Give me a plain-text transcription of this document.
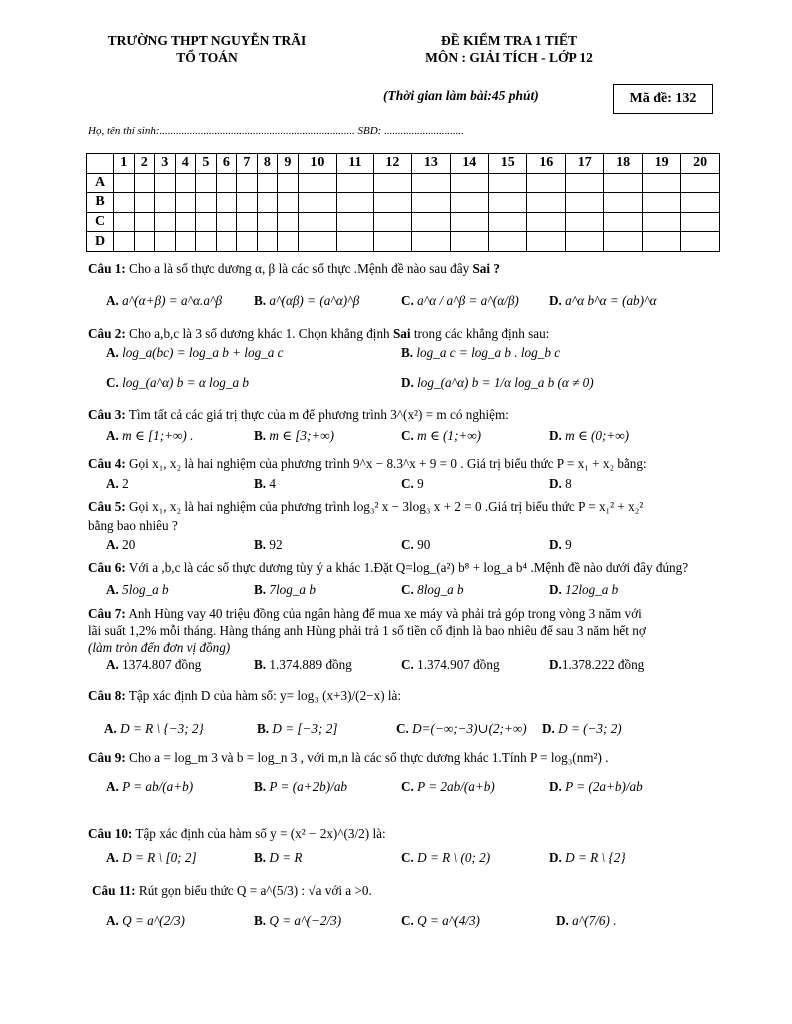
TRƯỜNG THPT NGUYỄN TRÃI
TỔ TOÁN
ĐỀ KIỂM TRA 1 TIẾT
MÔN : GIẢI TÍCH - LỚP 12
(Thời gian làm bài:45 phút)	Mã đề: 132
Họ, tên thí sinh:....................................................................... SBD: .............................
	1	2	3	4	5	6	7	8	9	10	11	12	13	14	15	16	17	18	19	20
A																				
B																				
C																				
D																				
Câu 1: Cho a là số thực dương α, β là các số thực .Mệnh đề nào sau đây Sai ?
A. a^(α+β) = a^α.a^β B. a^(αβ) = (a^α)^β	C. a^α / a^β = a^(α/β) D. a^α b^α = (ab)^α
Câu 2: Cho a,b,c là 3 số dương khác 1. Chọn khẳng định Sai trong các khẳng định sau:
A. log_a(bc) = log_a b + log_a c	B. log_a c = log_a b . log_b c
C. log_(a^α) b = α log_a b	D. log_(a^α) b = 1/α log_a b (α ≠ 0)
Câu 3: Tìm tất cả các giá trị thực của m để phương trình 3^(x²) = m có nghiệm:
A. m ∈ [1;+∞) .	B. m ∈ [3;+∞)	C. m ∈ (1;+∞)	D. m ∈ (0;+∞)
Câu 4: Gọi x₁, x₂ là hai nghiệm của phương trình 9^x − 8.3^x + 9 = 0 . Giá trị biểu thức P = x₁ + x₂ bằng:
A. 2	B. 4	C. 9	D. 8
Câu 5: Gọi x₁, x₂ là hai nghiệm của phương trình log₃² x − 3log₃ x + 2 = 0 .Giá trị biểu thức P = x₁² + x₂²
bằng bao nhiêu ?
A. 20	B. 92	C. 90	D. 9
Câu 6: Với a ,b,c là các số thực dương tùy ý a khác 1.Đặt Q=log_(a²) b⁸ + log_a b⁴ .Mệnh đề nào dưới đây đúng?
A. 5log_a b	B. 7log_a b	C. 8log_a b	D. 12log_a b
Câu 7: Anh Hùng vay 40 triệu đồng của ngân hàng để mua xe máy và phải trả góp trong vòng 3 năm với
lãi suất 1,2% mỗi tháng. Hàng tháng anh Hùng phải trả 1 số tiền cố định là bao nhiêu để sau 3 năm hết nợ
(làm tròn đến đơn vị đồng)
A. 1374.807 đồng	B. 1.374.889 đồng	C. 1.374.907 đồng	D.1.378.222 đồng
Câu 8: Tập xác định D của hàm số: y= log₃ (x+3)/(2−x) là:
A. D = R \ {−3; 2}	B. D = [−3; 2]	C. D=(−∞;−3)∪(2;+∞) D. D = (−3; 2)
Câu 9: Cho a = log_m 3 và b = log_n 3 , với m,n là các số thực dương khác 1.Tính P = log₃(nm²) .
A. P = ab/(a+b)	B. P = (a+2b)/ab	C. P = 2ab/(a+b)	D. P = (2a+b)/ab
Câu 10: Tập xác định của hàm số y = (x² − 2x)^(3/2) là:
A. D = R \ [0; 2]	B. D = R	C. D = R \ (0; 2)	D. D = R \ {2}
Câu 11: Rút gọn biểu thức Q = a^(5/3) : √a với a >0.
A. Q = a^(2/3)	B. Q = a^(−2/3)	C. Q = a^(4/3)	D. a^(7/6) .
